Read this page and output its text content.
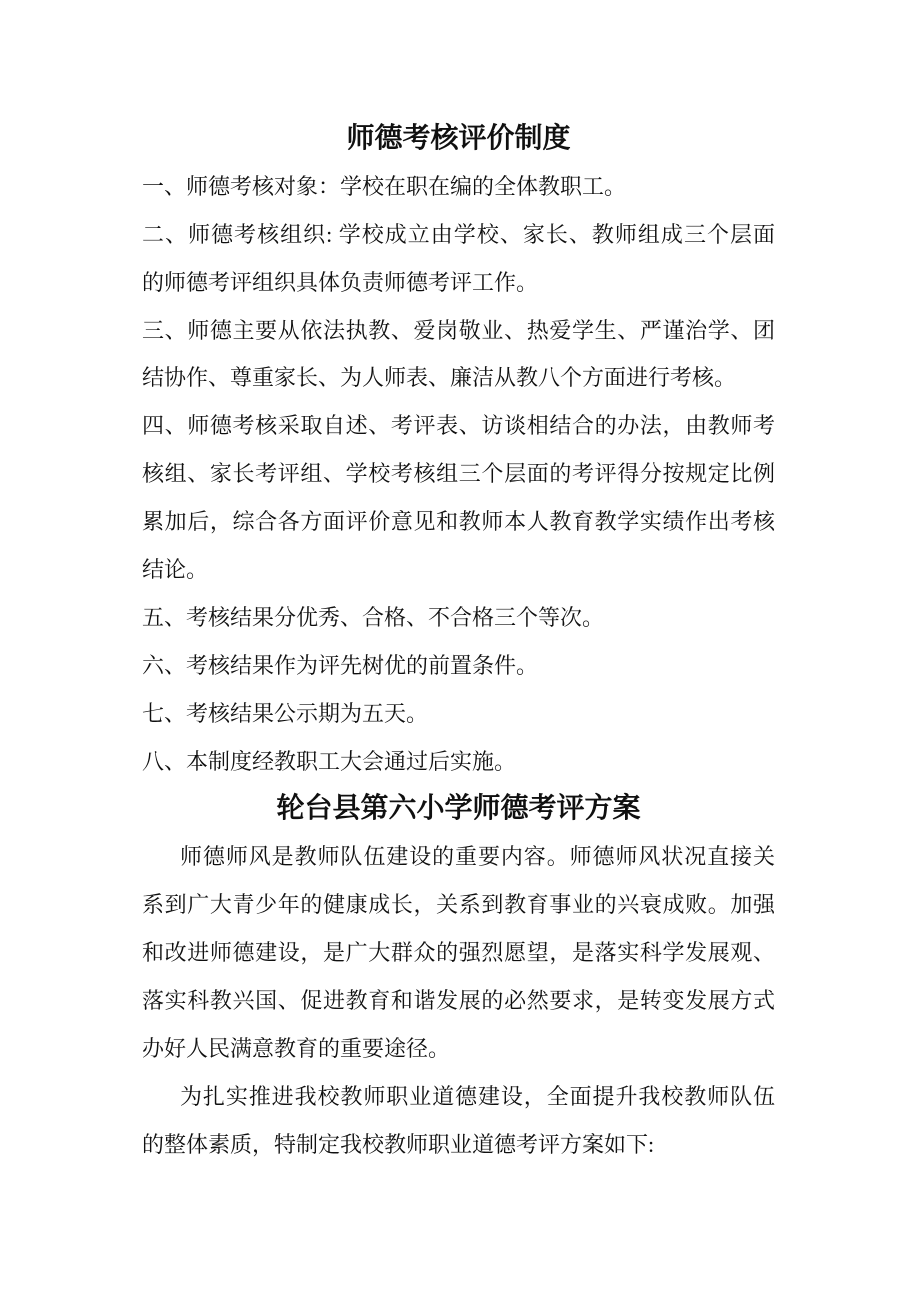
师德考核评价制度
一、师德考核对象：学校在职在编的全体教职工。
二、师德考核组织: 学校成立由学校、家长、教师组成三个层面
的师德考评组织具体负责师德考评工作。
三、师德主要从依法执教、爱岗敬业、热爱学生、严谨治学、团
结协作、尊重家长、为人师表、廉洁从教八个方面进行考核。
四、师德考核采取自述、考评表、访谈相结合的办法，由教师考
核组、家长考评组、学校考核组三个层面的考评得分按规定比例
累加后，综合各方面评价意见和教师本人教育教学实绩作出考核
结论。
五、考核结果分优秀、合格、不合格三个等次。
六、考核结果作为评先树优的前置条件。
七、考核结果公示期为五天。
八、本制度经教职工大会通过后实施。
轮台县第六小学师德考评方案
师德师风是教师队伍建设的重要内容。师德师风状况直接关
系到广大青少年的健康成长，关系到教育事业的兴衰成败。加强
和改进师德建设，是广大群众的强烈愿望，是落实科学发展观、
落实科教兴国、促进教育和谐发展的必然要求，是转变发展方式
办好人民满意教育的重要途径。
为扎实推进我校教师职业道德建设，全面提升我校教师队伍
的整体素质，特制定我校教师职业道德考评方案如下:
